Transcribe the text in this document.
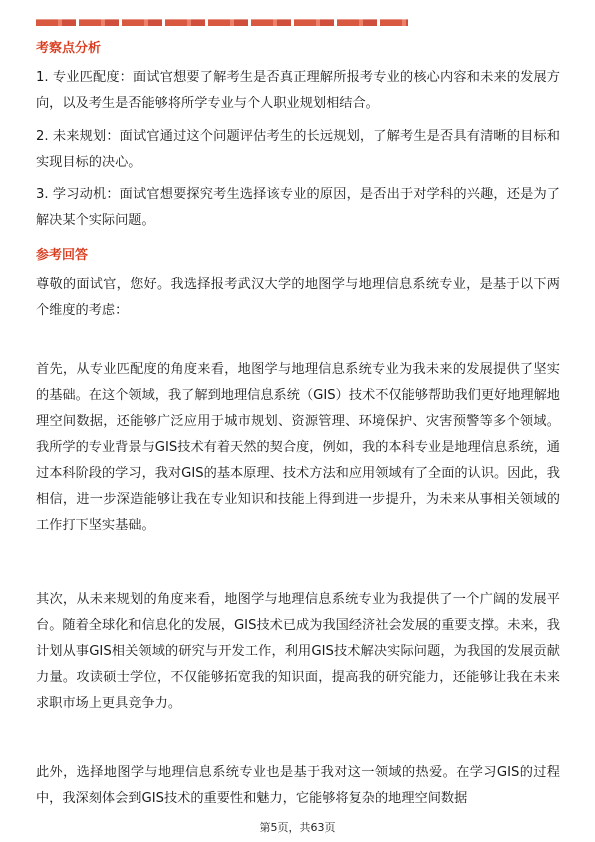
考察点分析
1. 专业匹配度：面试官想要了解考生是否真正理解所报考专业的核心内容和未来的发展方向，以及考生是否能够将所学专业与个人职业规划相结合。
2. 未来规划：面试官通过这个问题评估考生的长远规划，了解考生是否具有清晰的目标和实现目标的决心。
3. 学习动机：面试官想要探究考生选择该专业的原因，是否出于对学科的兴趣，还是为了解决某个实际问题。
参考回答
尊敬的面试官，您好。我选择报考武汉大学的地图学与地理信息系统专业，是基于以下两个维度的考虑：
首先，从专业匹配度的角度来看，地图学与地理信息系统专业为我未来的发展提供了坚实的基础。在这个领域，我了解到地理信息系统（GIS）技术不仅能够帮助我们更好地理解地理空间数据，还能够广泛应用于城市规划、资源管理、环境保护、灾害预警等多个领域。我所学的专业背景与GIS技术有着天然的契合度，例如，我的本科专业是地理信息系统，通过本科阶段的学习，我对GIS的基本原理、技术方法和应用领域有了全面的认识。因此，我相信，进一步深造能够让我在专业知识和技能上得到进一步提升，为未来从事相关领域的工作打下坚实基础。
其次，从未来规划的角度来看，地图学与地理信息系统专业为我提供了一个广阔的发展平台。随着全球化和信息化的发展，GIS技术已成为我国经济社会发展的重要支撑。未来，我计划从事GIS相关领域的研究与开发工作，利用GIS技术解决实际问题，为我国的发展贡献力量。攻读硕士学位，不仅能够拓宽我的知识面，提高我的研究能力，还能够让我在未来求职市场上更具竞争力。
此外，选择地图学与地理信息系统专业也是基于我对这一领域的热爱。在学习GIS的过程中，我深刻体会到GIS技术的重要性和魅力，它能够将复杂的地理空间数据
第5页，共63页
